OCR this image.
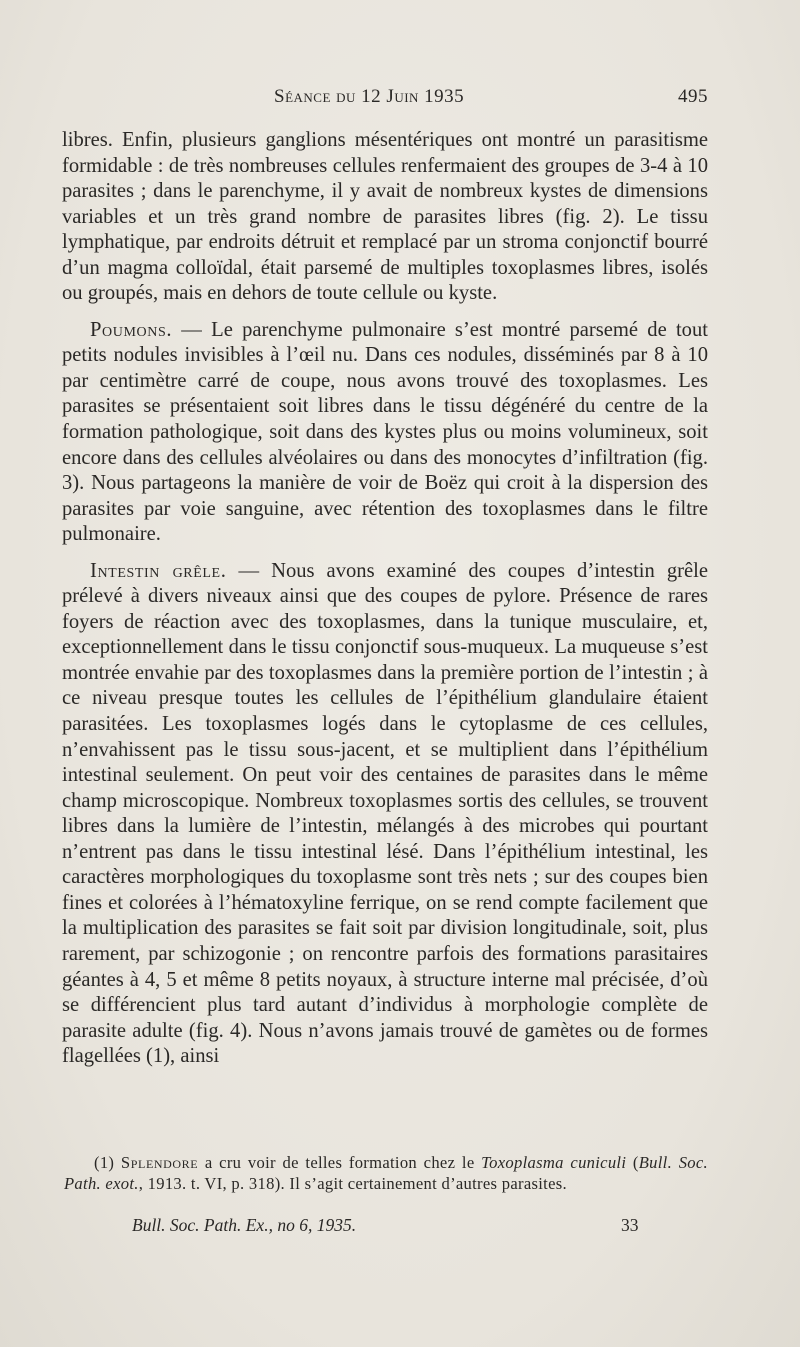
Séance du 12 Juin 1935	495

libres. Enfin, plusieurs ganglions mésentériques ont montré un parasitisme formidable : de très nombreuses cellules renfermaient des groupes de 3-4 à 10 parasites ; dans le parenchyme, il y avait de nombreux kystes de dimensions variables et un très grand nombre de parasites libres (fig. 2). Le tissu lymphatique, par endroits détruit et remplacé par un stroma conjonctif bourré d’un magma colloïdal, était parsemé de multiples toxoplasmes libres, isolés ou groupés, mais en dehors de toute cellule ou kyste.

Poumons. — Le parenchyme pulmonaire s’est montré parsemé de tout petits nodules invisibles à l’œil nu. Dans ces nodules, disséminés par 8 à 10 par centimètre carré de coupe, nous avons trouvé des toxoplasmes. Les parasites se présentaient soit libres dans le tissu dégénéré du centre de la formation pathologique, soit dans des kystes plus ou moins volumineux, soit encore dans des cellules alvéolaires ou dans des monocytes d’infiltration (fig. 3). Nous partageons la manière de voir de Boëz qui croit à la dispersion des parasites par voie sanguine, avec rétention des toxoplasmes dans le filtre pulmonaire.

Intestin grêle. — Nous avons examiné des coupes d’intestin grêle prélevé à divers niveaux ainsi que des coupes de pylore. Présence de rares foyers de réaction avec des toxoplasmes, dans la tunique musculaire, et, exceptionnellement dans le tissu conjonctif sous-muqueux. La muqueuse s’est montrée envahie par des toxoplasmes dans la première portion de l’intestin ; à ce niveau presque toutes les cellules de l’épithélium glandulaire étaient parasitées. Les toxoplasmes logés dans le cytoplasme de ces cellules, n’envahissent pas le tissu sous-jacent, et se multiplient dans l’épithélium intestinal seulement. On peut voir des centaines de parasites dans le même champ microscopique. Nombreux toxoplasmes sortis des cellules, se trouvent libres dans la lumière de l’intestin, mélangés à des microbes qui pourtant n’entrent pas dans le tissu intestinal lésé. Dans l’épithélium intestinal, les caractères morphologiques du toxoplasme sont très nets ; sur des coupes bien fines et colorées à l’hématoxyline ferrique, on se rend compte facilement que la multiplication des parasites se fait soit par division longitudinale, soit, plus rarement, par schizogonie ; on rencontre parfois des formations parasitaires géantes à 4, 5 et même 8 petits noyaux, à structure interne mal précisée, d’où se différencient plus tard autant d’individus à morphologie complète de parasite adulte (fig. 4). Nous n’avons jamais trouvé de gamètes ou de formes flagellées (1), ainsi

(1) Splendore a cru voir de telles formation chez le Toxoplasma cuniculi (Bull. Soc. Path. exot., 1913. t. VI, p. 318). Il s’agit certainement d’autres parasites.

Bull. Soc. Path. Ex., no 6, 1935.	33
